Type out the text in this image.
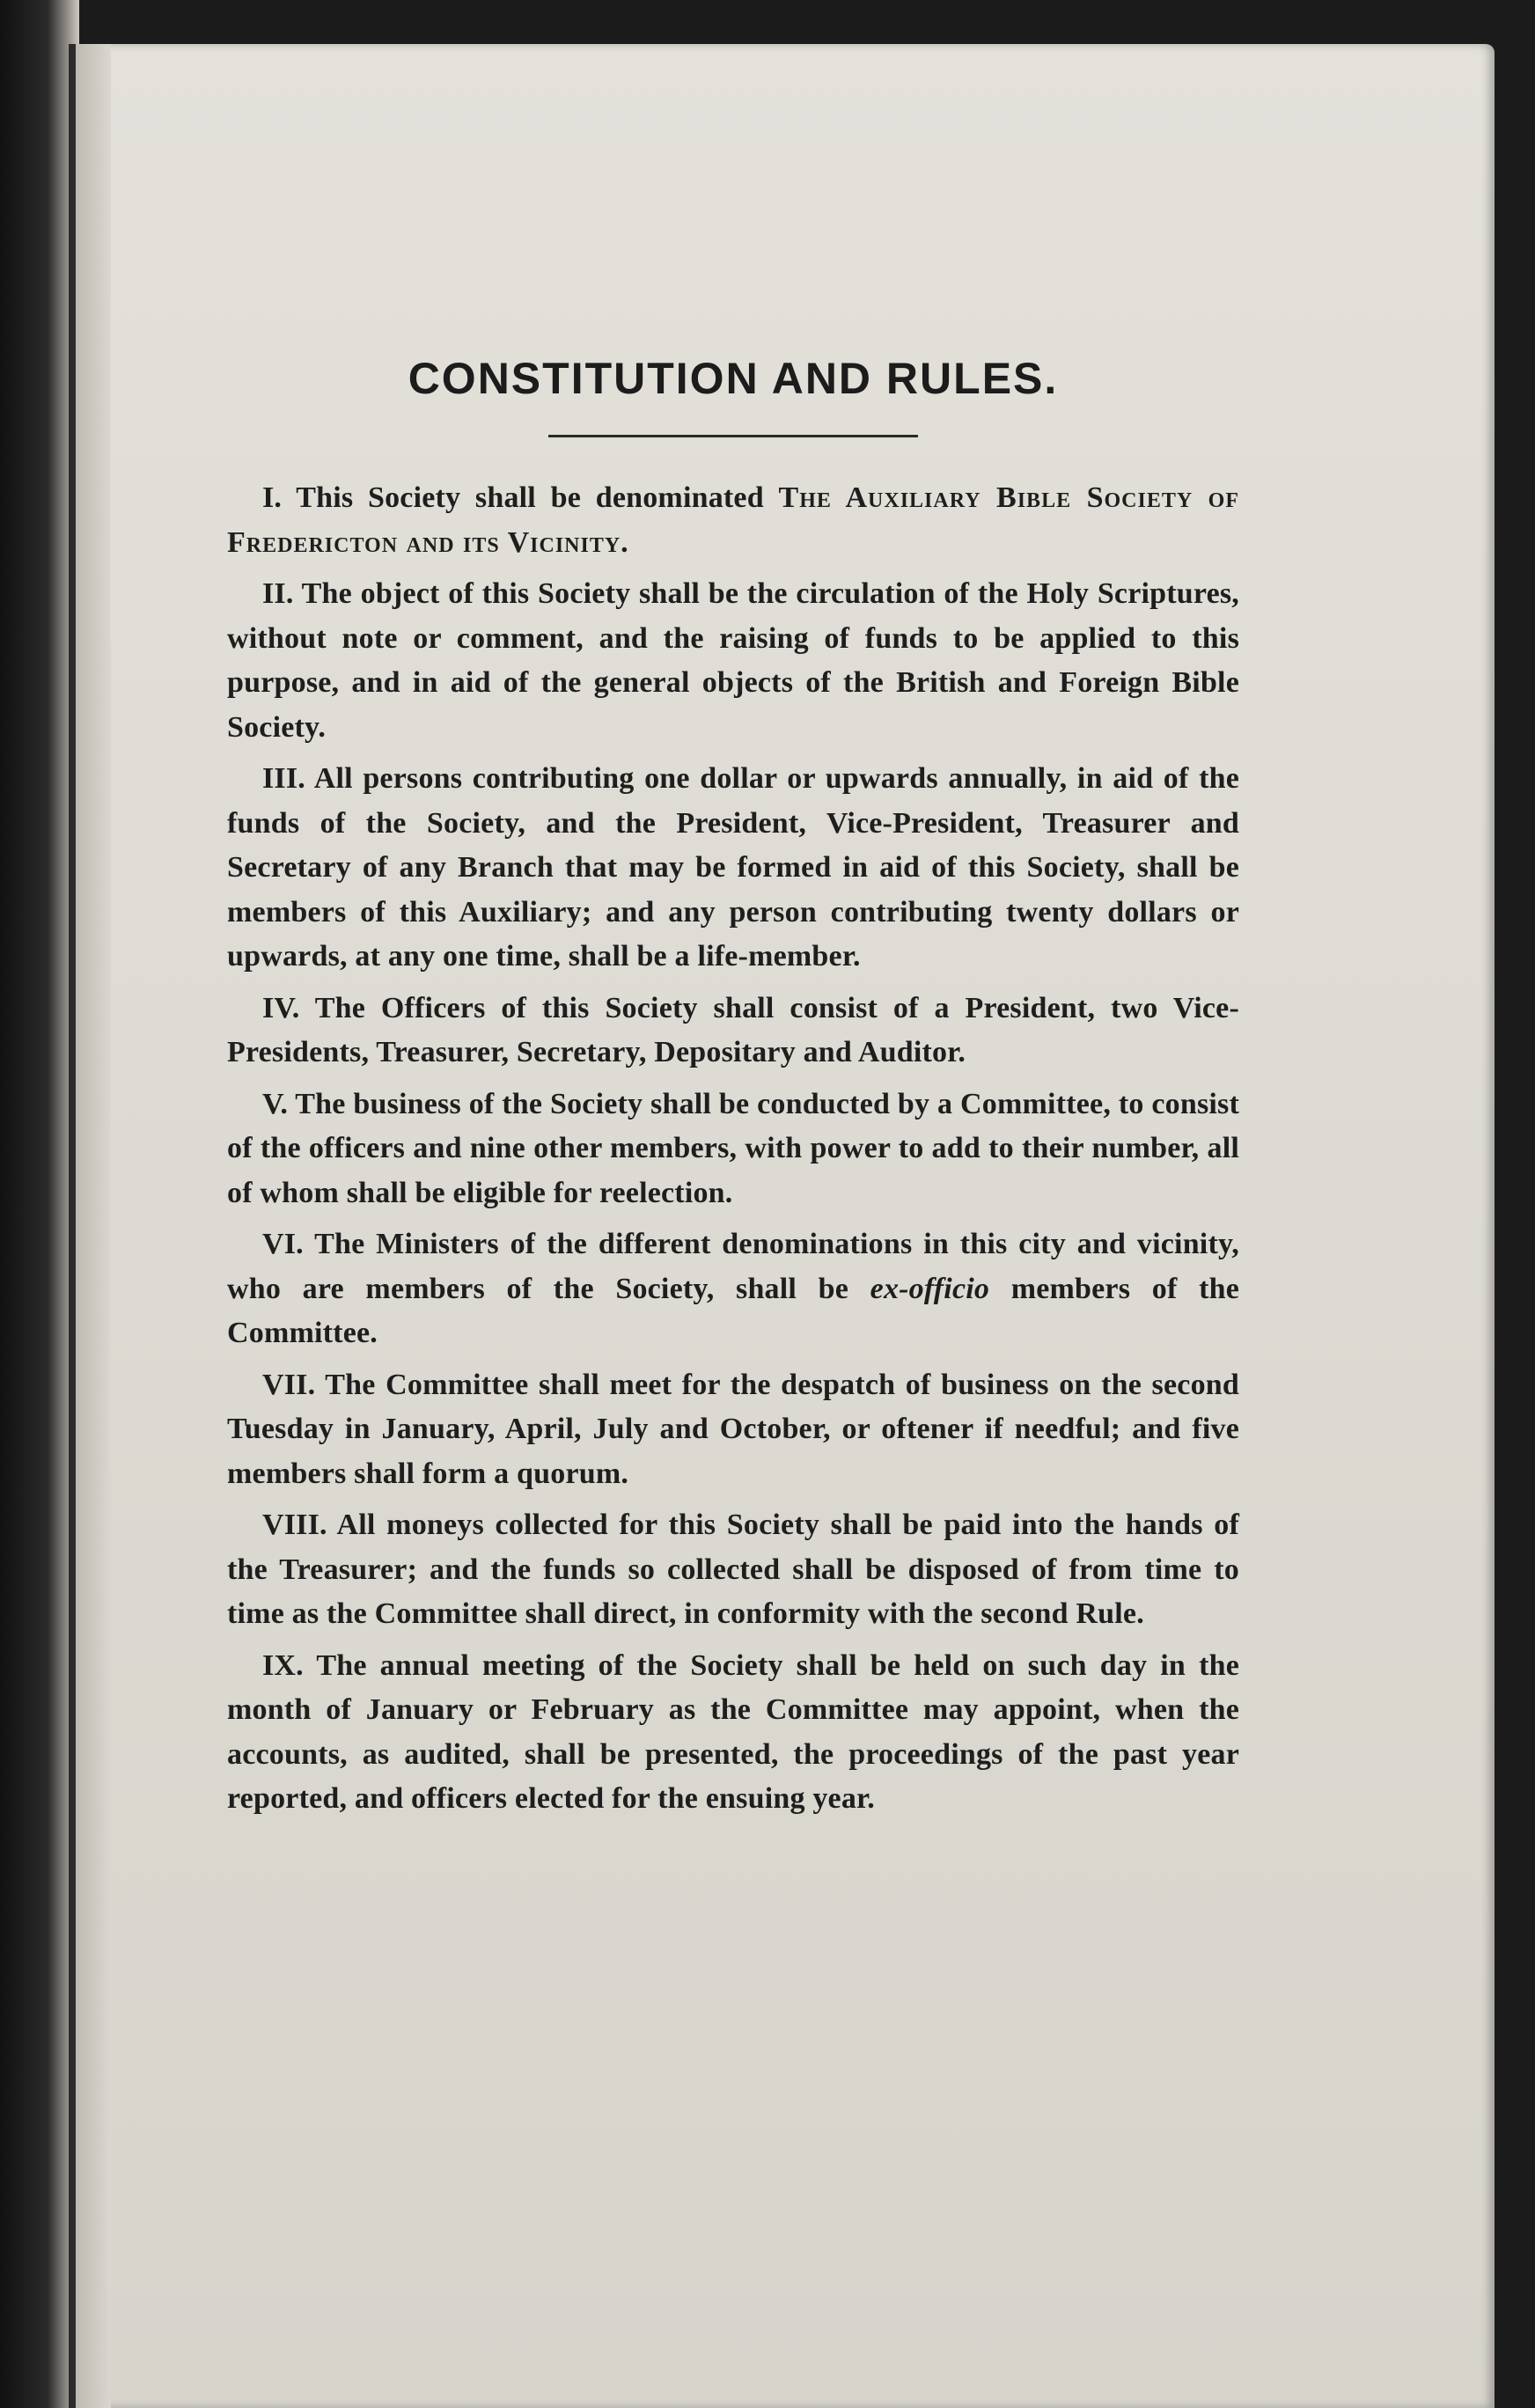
CONSTITUTION AND RULES.

I. This Society shall be denominated The Auxiliary Bible Society of Fredericton and its Vicinity.

II. The object of this Society shall be the circulation of the Holy Scriptures, without note or comment, and the raising of funds to be applied to this purpose, and in aid of the general objects of the British and Foreign Bible Society.

III. All persons contributing one dollar or upwards annually, in aid of the funds of the Society, and the President, Vice-President, Treasurer and Secretary of any Branch that may be formed in aid of this Society, shall be members of this Auxiliary; and any person contributing twenty dollars or upwards, at any one time, shall be a life-member.

IV. The Officers of this Society shall consist of a President, two Vice-Presidents, Treasurer, Secretary, Depositary and Auditor.

V. The business of the Society shall be conducted by a Committee, to consist of the officers and nine other members, with power to add to their number, all of whom shall be eligible for reelection.

VI. The Ministers of the different denominations in this city and vicinity, who are members of the Society, shall be ex-officio members of the Committee.

VII. The Committee shall meet for the despatch of business on the second Tuesday in January, April, July and October, or oftener if needful; and five members shall form a quorum.

VIII. All moneys collected for this Society shall be paid into the hands of the Treasurer; and the funds so collected shall be disposed of from time to time as the Committee shall direct, in conformity with the second Rule.

IX. The annual meeting of the Society shall be held on such day in the month of January or February as the Committee may appoint, when the accounts, as audited, shall be presented, the proceedings of the past year reported, and officers elected for the ensuing year.
